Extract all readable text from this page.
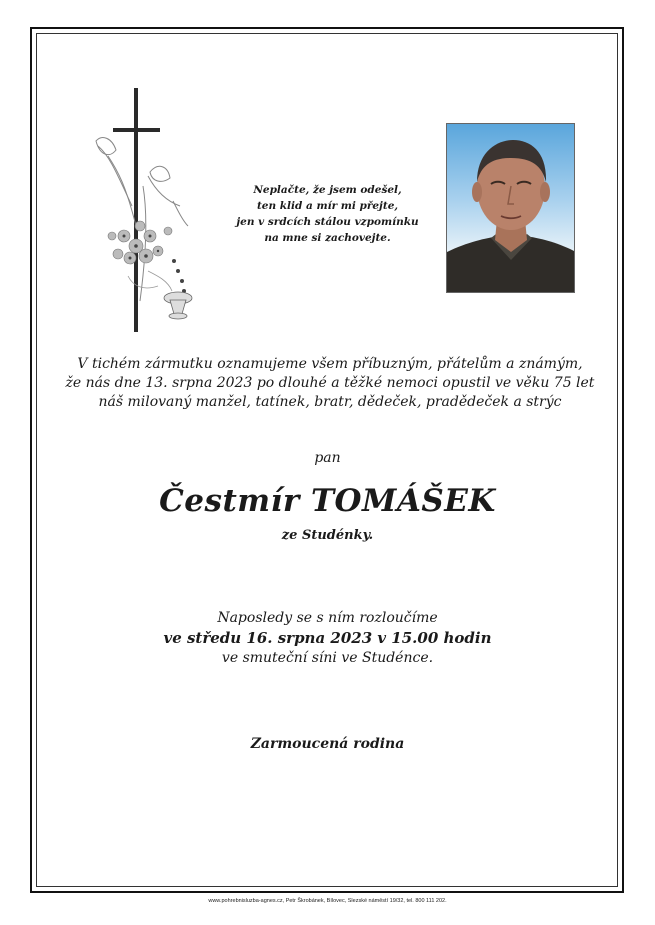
Neplačte, že jsem odešel,
ten klid a mír mi přejte,
jen v srdcích stálou vzpomínku
na mne si zachovejte.
V tichém zármutku oznamujeme všem příbuzným, přátelům a známým,
že nás dne 13. srpna 2023 po dlouhé a těžké nemoci opustil ve věku 75 let
náš milovaný manžel, tatínek, bratr, dědeček, pradědeček a strýc
pan
Čestmír TOMÁŠEK
ze Studénky.
Naposledy se s ním rozloučíme
ve středu 16. srpna 2023 v 15.00 hodin
ve smuteční síni ve Studénce.
Zarmoucená rodina
www.pohrebnisluzba-agnes.cz, Petr Škrobánek, Bílovec, Slezské náměstí 19/32, tel. 800 111 202.
